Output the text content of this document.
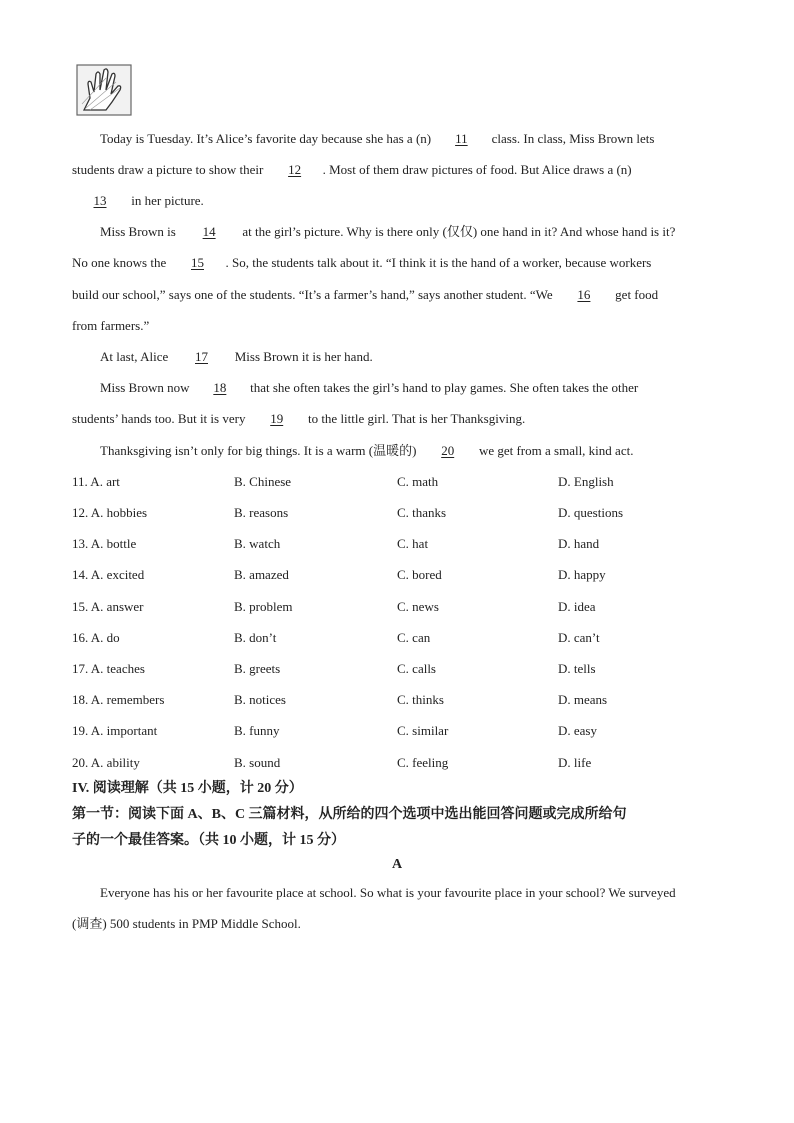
Today is Tuesday. It’s Alice’s favorite day because she has a (n) 11 class. In class, Miss Brown lets
students draw a picture to show their 12 . Most of them draw pictures of food. But Alice draws a (n)
13 in her picture.
Miss Brown is 14 at the girl’s picture. Why is there only (仅仅) one hand in it? And whose hand is it?
No one knows the 15 . So, the students talk about it. “I think it is the hand of a worker, because workers
build our school,” says one of the students. “It’s a farmer’s hand,” says another student. “We 16 get food
from farmers.”
At last, Alice 17 Miss Brown it is her hand.
Miss Brown now 18 that she often takes the girl’s hand to play games. She often takes the other
students’ hands too. But it is very 19 to the little girl. That is her Thanksgiving.
Thanksgiving isn’t only for big things. It is a warm (温暖的) 20 we get from a small, kind act.
11. A. art	B. Chinese	C. math	D. English
12. A. hobbies	B. reasons	C. thanks	D. questions
13. A. bottle	B. watch	C. hat	D. hand
14. A. excited	B. amazed	C. bored	D. happy
15. A. answer	B. problem	C. news	D. idea
16. A. do	B. don’t	C. can	D. can’t
17. A. teaches	B. greets	C. calls	D. tells
18. A. remembers	B. notices	C. thinks	D. means
19. A. important	B. funny	C. similar	D. easy
20. A. ability	B. sound	C. feeling	D. life
IV. 阅读理解（共 15 小题，计 20 分）
第一节：阅读下面 A、B、C 三篇材料，从所给的四个选项中选出能回答问题或完成所给句
子的一个最佳答案。（共 10 小题，计 15 分）
A
Everyone has his or her favourite place at school. So what is your favourite place in your school? We surveyed
(调查) 500 students in PMP Middle School.
